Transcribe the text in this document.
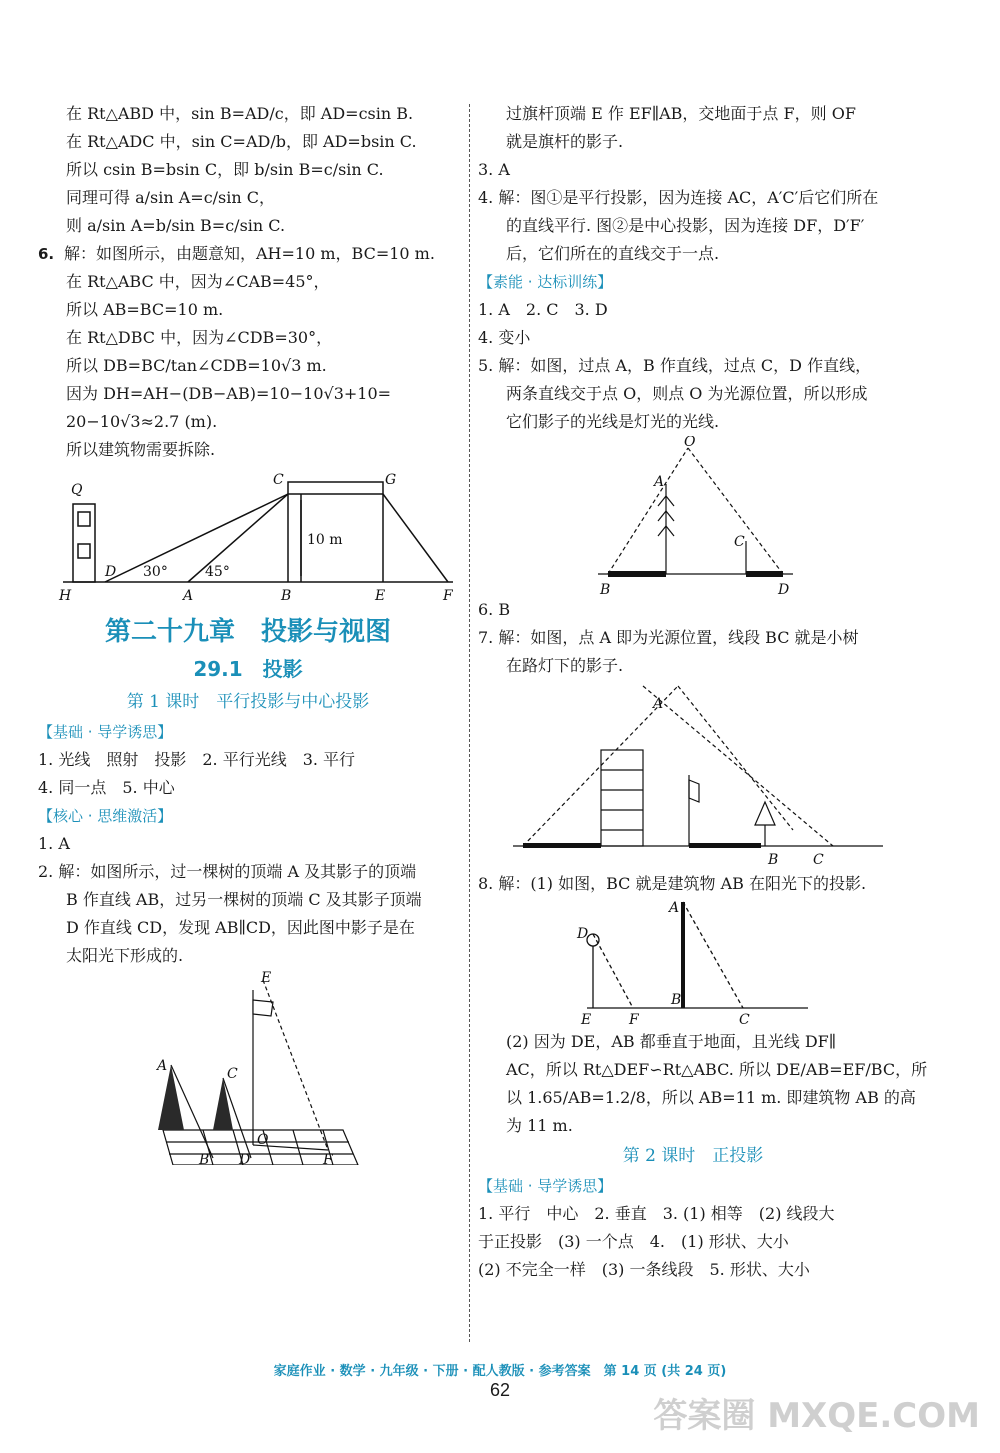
在 Rt△ABD 中，sin B=AD/c，即 AD=csin B.
在 Rt△ADC 中，sin C=AD/b，即 AD=bsin C.
所以 csin B=bsin C，即 b/sin B=c/sin C.
同理可得 a/sin A=c/sin C，
则 a/sin A=b/sin B=c/sin C.
6. 解：如图所示，由题意知，AH=10 m，BC=10 m.
在 Rt△ABC 中，因为∠CAB=45°，
所以 AB=BC=10 m.
在 Rt△DBC 中，因为∠CDB=30°，
所以 DB=BC/tan∠CDB=10√3 m.
因为 DH=AH−(DB−AB)=10−10√3+10=
20−10√3≈2.7 (m).
所以建筑物需要拆除.
Q
C	G
D 30°	45°
10 m
H	A	B	E	F
第二十九章　投影与视图
29.1　投影
第 1 课时　平行投影与中心投影
【基础 · 导学诱思】
1. 光线　照射　投影　2. 平行光线　3. 平行
4. 同一点　5. 中心
【核心 · 思维激活】
1. A
2. 解：如图所示，过一棵树的顶端 A 及其影子的顶端
B 作直线 AB，过另一棵树的顶端 C 及其影子顶端
D 作直线 CD，发现 AB∥CD，因此图中影子是在
太阳光下形成的.
E
A	C
O
B D	F
过旗杆顶端 E 作 EF∥AB，交地面于点 F，则 OF
就是旗杆的影子.
3. A
4. 解：图①是平行投影，因为连接 AC，A′C′后它们所在
的直线平行. 图②是中心投影，因为连接 DF，D′F′
后，它们所在的直线交于一点.
【素能 · 达标训练】
1. A　2. C　3. D
4. 变小
5. 解：如图，过点 A，B 作直线，过点 C，D 作直线，
两条直线交于点 O，则点 O 为光源位置，所以形成
它们影子的光线是灯光的光线.
O
A
C
B	D
6. B
7. 解：如图，点 A 即为光源位置，线段 BC 就是小树
在路灯下的影子.
A
B C
8. 解：(1) 如图，BC 就是建筑物 AB 在阳光下的投影.
A
D
E	F
B
C
(2) 因为 DE，AB 都垂直于地面，且光线 DF∥
AC，所以 Rt△DEF∽Rt△ABC. 所以 DE/AB=EF/BC，所
以 1.65/AB=1.2/8，所以 AB=11 m. 即建筑物 AB 的高
为 11 m.
第 2 课时　正投影
【基础 · 导学诱思】
1. 平行　中心　2. 垂直　3. (1) 相等　(2) 线段大
于正投影　(3) 一个点　4.　(1) 形状、大小
(2) 不完全一样　(3) 一条线段　5. 形状、大小
家庭作业 · 数学 · 九年级 · 下册 · 配人教版 · 参考答案　第 14 页 (共 24 页)
62
答案圈 MXQE.COM
